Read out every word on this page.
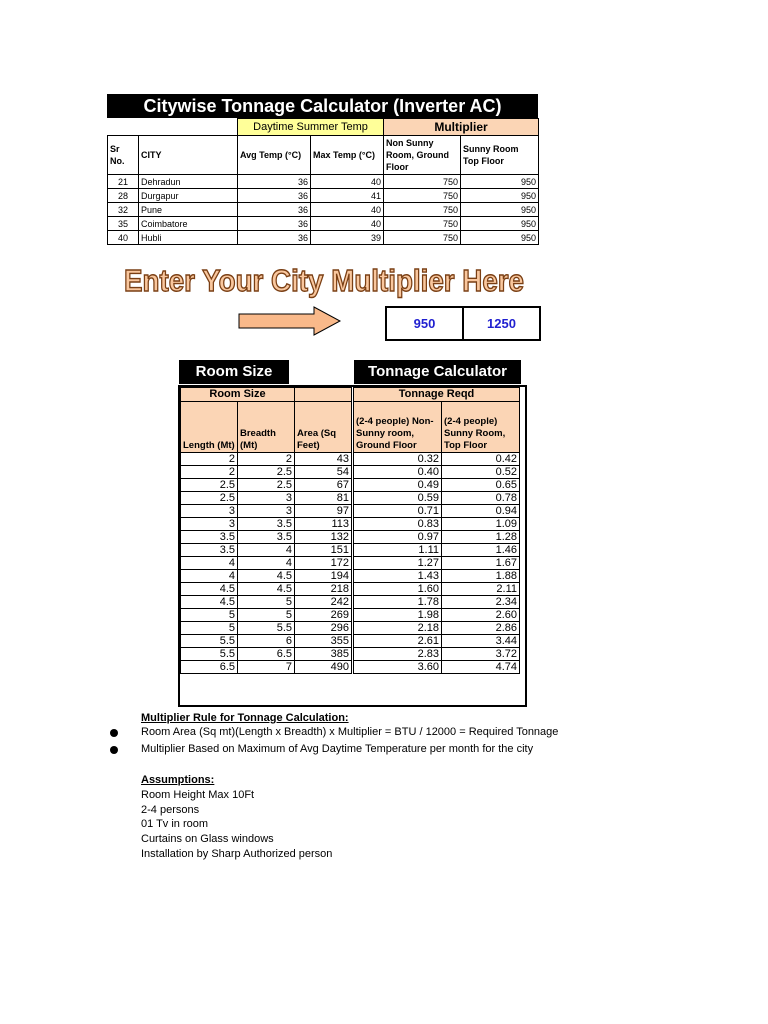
Citywise Tonnage Calculator (Inverter AC)
		Daytime Summer Temp		Multiplier	
Sr No.	CITY	Avg Temp (°C)	Max Temp (°C)	Non Sunny Room, Ground Floor	Sunny Room Top Floor
21	Dehradun	36	40	750	950
28	Durgapur	36	41	750	950
32	Pune	36	40	750	950
35	Coimbatore	36	40	750	950
40	Hubli	36	39	750	950
Enter Your City Multiplier Here
950	1250
Room Size	Tonnage Calculator
Room Size				Tonnage Reqd	
Length (Mt)	Breadth (Mt)	Area (Sq Feet)		(2-4 people) Non-Sunny room, Ground Floor	(2-4 people) Sunny Room, Top Floor
2	2	43		0.32	0.42
2	2.5	54		0.40	0.52
2.5	2.5	67		0.49	0.65
2.5	3	81		0.59	0.78
3	3	97		0.71	0.94
3	3.5	113		0.83	1.09
3.5	3.5	132		0.97	1.28
3.5	4	151		1.11	1.46
4	4	172		1.27	1.67
4	4.5	194		1.43	1.88
4.5	4.5	218		1.60	2.11
4.5	5	242		1.78	2.34
5	5	269		1.98	2.60
5	5.5	296		2.18	2.86
5.5	6	355		2.61	3.44
5.5	6.5	385		2.83	3.72
6.5	7	490		3.60	4.74
Multiplier Rule for Tonnage Calculation:
Room Area (Sq mt)(Length x Breadth) x Multiplier = BTU / 12000 = Required Tonnage
Multiplier Based on Maximum of Avg Daytime Temperature per month for the city
Assumptions:
Room Height Max 10Ft
2-4 persons
01 Tv in room
Curtains on Glass windows
Installation by Sharp Authorized person
